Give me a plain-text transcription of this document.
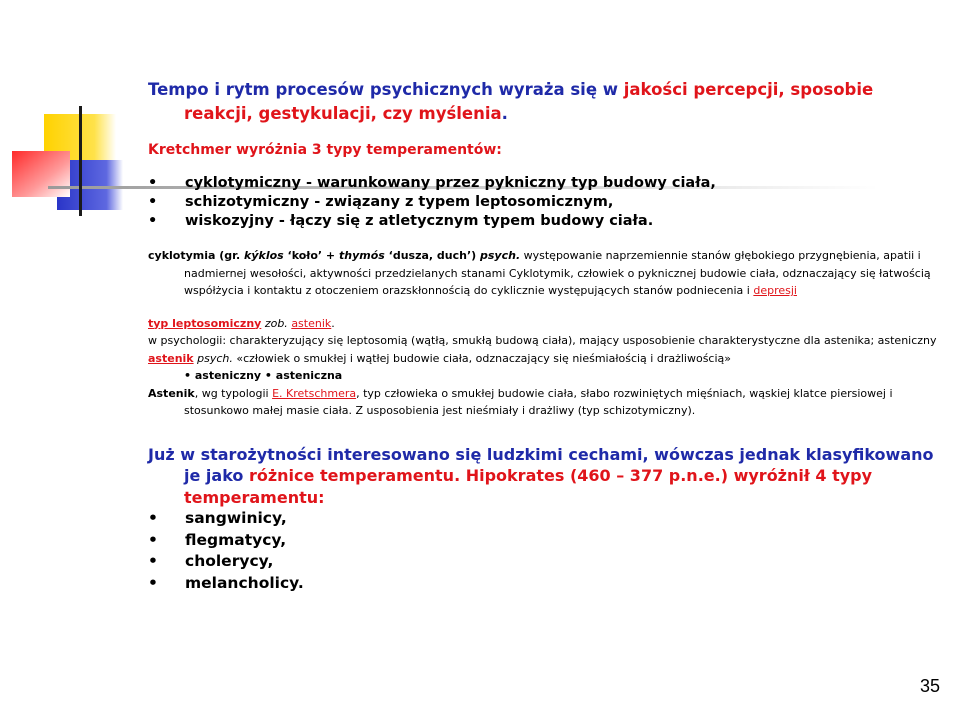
Tempo i rytm procesów psychicznych wyraża się w jakości percepcji, sposobie reakcji, gestykulacji, czy myślenia.

Kretchmer wyróżnia 3 typy temperamentów:
• cyklotymiczny - warunkowany przez pykniczny typ budowy ciała,
• schizotymiczny - związany z typem leptosomicznym,
• wiskozyjny - łączy się z atletycznym typem budowy ciała.
cyklotymia (gr. kýklos ‘koło’ + thymós ‘dusza, duch’) psych. występowanie naprzemiennie stanów głębokiego przygnębienia, apatii i nadmiernej wesołości, aktywności przedzielanych stanami Cyklotymik, człowiek o pyknicznej budowie ciała, odznaczający się łatwością współżycia i kontaktu z otoczeniem orazskłonnością do cyklicznie występujących stanów podniecenia i depresji
typ leptosomiczny zob. astenik.
w psychologii: charakteryzujący się leptosomią (wątłą, smukłą budową ciała), mający usposobienie charakterystyczne dla astenika; asteniczny
astenik psych. «człowiek o smukłej i wątłej budowie ciała, odznaczający się nieśmiałością i drażliwością»
• asteniczny • asteniczna
Astenik, wg typologii E. Kretschmera, typ człowieka o smukłej budowie ciała, słabo rozwiniętych mięśniach, wąskiej klatce piersiowej i stosunkowo małej masie ciała. Z usposobienia jest nieśmiały i drażliwy (typ schizotymiczny).
Już w starożytności interesowano się ludzkimi cechami, wówczas jednak klasyfikowano je jako różnice temperamentu. Hipokrates (460 – 377 p.n.e.) wyróżnił 4 typy temperamentu:
• sangwinicy,
• flegmatycy,
• cholerycy,
• melancholicy.
35
